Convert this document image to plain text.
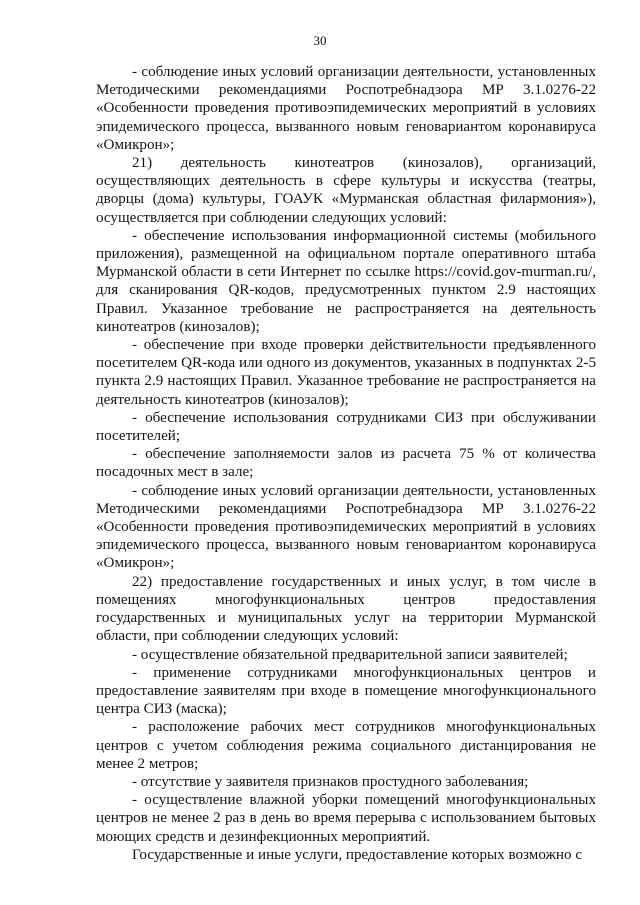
30

- соблюдение иных условий организации деятельности, установленных Методическими рекомендациями Роспотребнадзора МР 3.1.0276-22 «Особенности проведения противоэпидемических мероприятий в условиях эпидемического процесса, вызванного новым геновариантом коронавируса «Омикрон»;

21) деятельность кинотеатров (кинозалов), организаций, осуществляющих деятельность в сфере культуры и искусства (театры, дворцы (дома) культуры, ГОАУК «Мурманская областная филармония»), осуществляется при соблюдении следующих условий:

- обеспечение использования информационной системы (мобильного приложения), размещенной на официальном портале оперативного штаба Мурманской области в сети Интернет по ссылке https://covid.gov-murman.ru/, для сканирования QR-кодов, предусмотренных пунктом 2.9 настоящих Правил. Указанное требование не распространяется на деятельность кинотеатров (кинозалов);

- обеспечение при входе проверки действительности предъявленного посетителем QR-кода или одного из документов, указанных в подпунктах 2-5 пункта 2.9 настоящих Правил. Указанное требование не распространяется на деятельность кинотеатров (кинозалов);

- обеспечение использования сотрудниками СИЗ при обслуживании посетителей;

- обеспечение заполняемости залов из расчета 75 % от количества посадочных мест в зале;

- соблюдение иных условий организации деятельности, установленных Методическими рекомендациями Роспотребнадзора МР 3.1.0276-22 «Особенности проведения противоэпидемических мероприятий в условиях эпидемического процесса, вызванного новым геновариантом коронавируса «Омикрон»;

22) предоставление государственных и иных услуг, в том числе в помещениях многофункциональных центров предоставления государственных и муниципальных услуг на территории Мурманской области, при соблюдении следующих условий:

- осуществление обязательной предварительной записи заявителей;

- применение сотрудниками многофункциональных центров и предоставление заявителям при входе в помещение многофункционального центра СИЗ (маска);

- расположение рабочих мест сотрудников многофункциональных центров с учетом соблюдения режима социального дистанцирования не менее 2 метров;

- отсутствие у заявителя признаков простудного заболевания;

- осуществление влажной уборки помещений многофункциональных центров не менее 2 раз в день во время перерыва с использованием бытовых моющих средств и дезинфекционных мероприятий.

Государственные и иные услуги, предоставление которых возможно с
